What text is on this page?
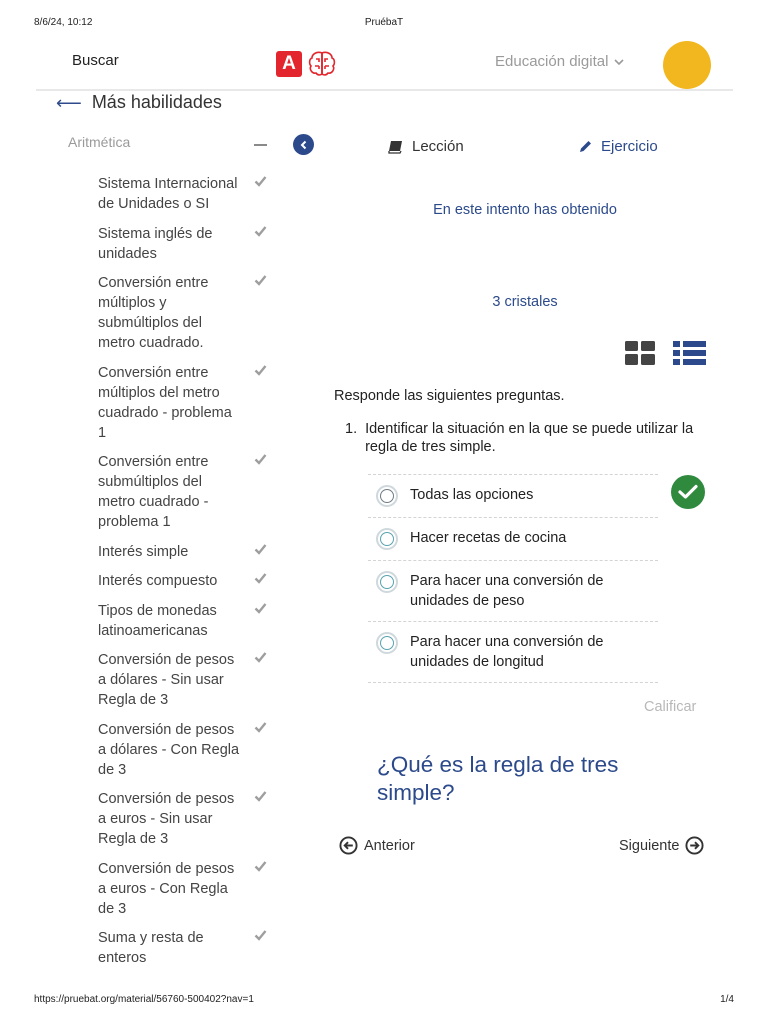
8/6/24, 10:12	PruébaT
Buscar	A	Educación digital
⟵ Más habilidades
Aritmética
Sistema Internacional de Unidades o SI
Sistema inglés de unidades
Conversión entre múltiplos y submúltiplos del metro cuadrado.
Conversión entre múltiplos del metro cuadrado - problema 1
Conversión entre submúltiplos del metro cuadrado - problema 1
Interés simple
Interés compuesto
Tipos de monedas latinoamericanas
Conversión de pesos a dólares - Sin usar Regla de 3
Conversión de pesos a dólares - Con Regla de 3
Conversión de pesos a euros - Sin usar Regla de 3
Conversión de pesos a euros - Con Regla de 3
Suma y resta de enteros
Lección	Ejercicio
En este intento has obtenido
3 cristales
Responde las siguientes preguntas.
1. Identificar la situación en la que se puede utilizar la regla de tres simple.
Todas las opciones
Hacer recetas de cocina
Para hacer una conversión de unidades de peso
Para hacer una conversión de unidades de longitud
Calificar
¿Qué es la regla de tres simple?
Anterior	Siguiente
https://pruebat.org/material/56760-500402?nav=1	1/4
